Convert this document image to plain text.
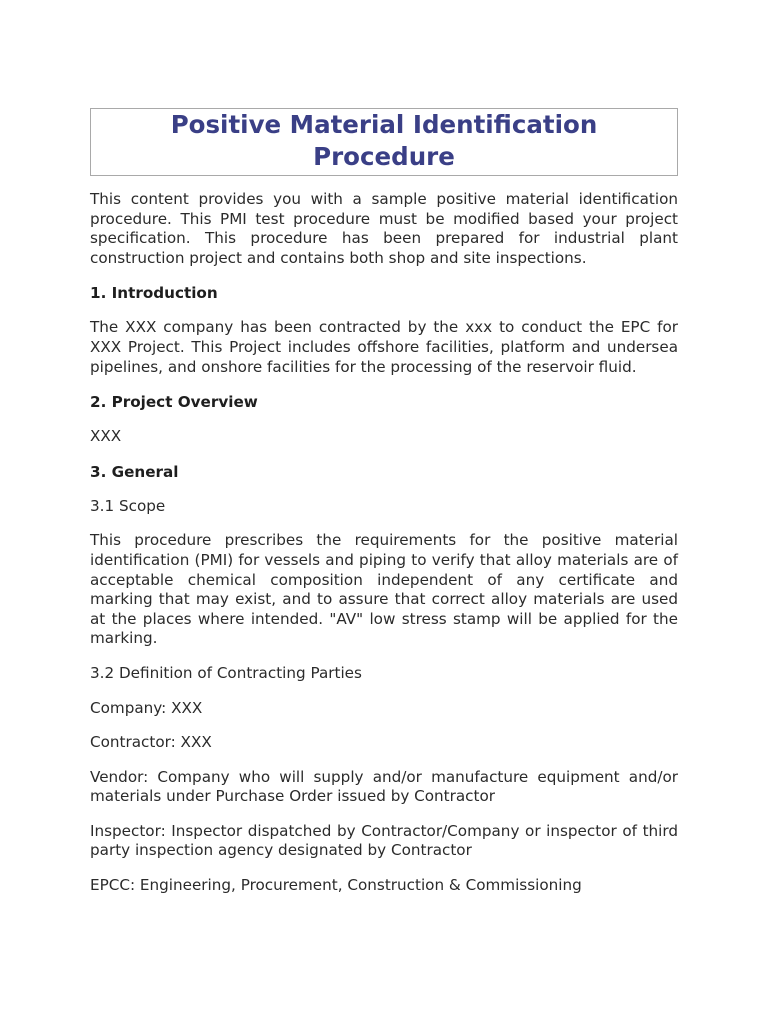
Positive Material Identification Procedure

This content provides you with a sample positive material identification procedure. This PMI test procedure must be modified based your project specification. This procedure has been prepared for industrial plant construction project and contains both shop and site inspections.

1. Introduction

The XXX company has been contracted by the xxx to conduct the EPC for XXX Project. This Project includes offshore facilities, platform and undersea pipelines, and onshore facilities for the processing of the reservoir fluid.

2. Project Overview

XXX

3. General

3.1 Scope

This procedure prescribes the requirements for the positive material identification (PMI) for vessels and piping to verify that alloy materials are of acceptable chemical composition independent of any certificate and marking that may exist, and to assure that correct alloy materials are used at the places where intended. "AV" low stress stamp will be applied for the marking.

3.2 Definition of Contracting Parties

Company: XXX

Contractor: XXX

Vendor: Company who will supply and/or manufacture equipment and/or materials under Purchase Order issued by Contractor

Inspector: Inspector dispatched by Contractor/Company or inspector of third party inspection agency designated by Contractor

EPCC: Engineering, Procurement, Construction & Commissioning
